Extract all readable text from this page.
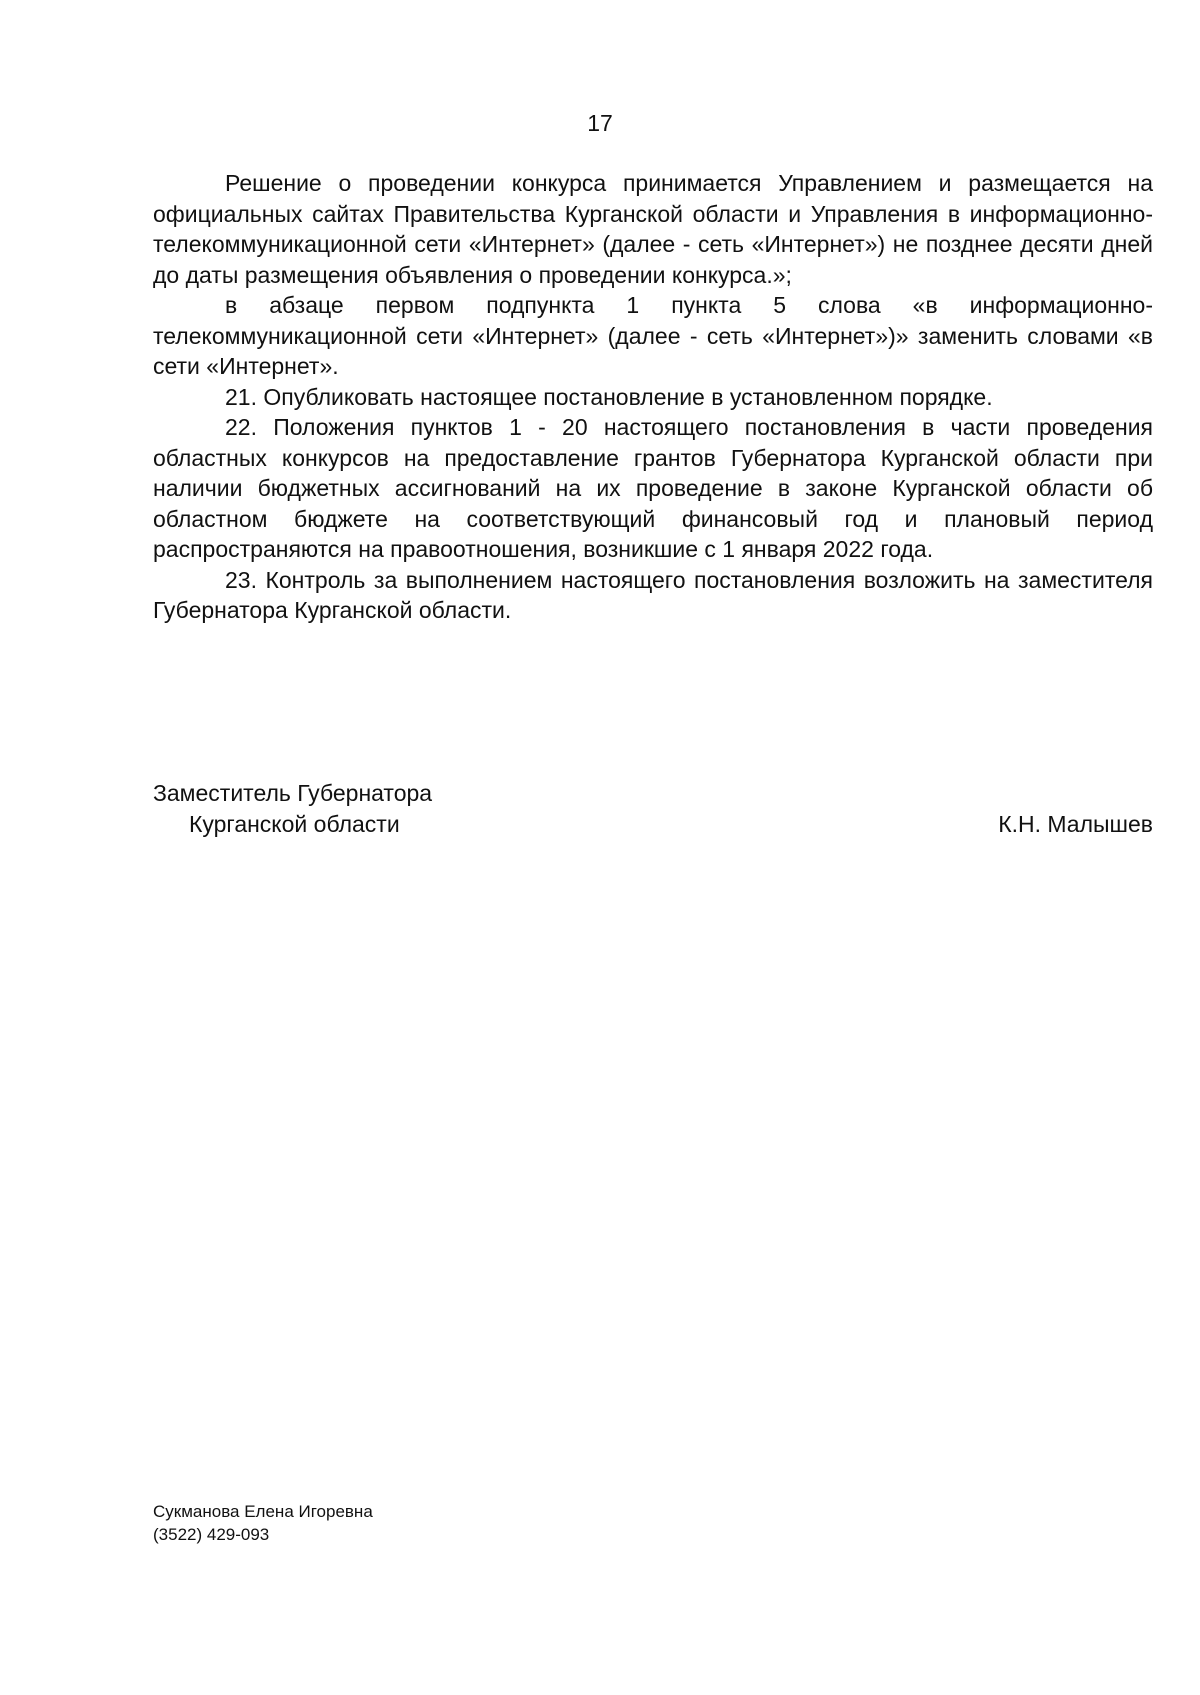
17

Решение о проведении конкурса принимается Управлением и размещается на официальных сайтах Правительства Курганской области и Управления в информационно-телекоммуникационной сети «Интернет» (далее - сеть «Интернет») не позднее десяти дней до даты размещения объявления о проведении конкурса.»;

в абзаце первом подпункта 1 пункта 5 слова «в информационно-телекоммуникационной сети «Интернет» (далее - сеть «Интернет»)» заменить словами «в сети «Интернет».

21. Опубликовать настоящее постановление в установленном порядке.

22. Положения пунктов 1 - 20 настоящего постановления в части проведения областных конкурсов на предоставление грантов Губернатора Курганской области при наличии бюджетных ассигнований на их проведение в законе Курганской области об областном бюджете на соответствующий финансовый год и плановый период распространяются на правоотношения, возникшие с 1 января 2022 года.

23. Контроль за выполнением настоящего постановления возложить на заместителя Губернатора Курганской области.

Заместитель Губернатора
Курганской области	К.Н. Малышев
Сукманова Елена Игоревна
(3522) 429-093
